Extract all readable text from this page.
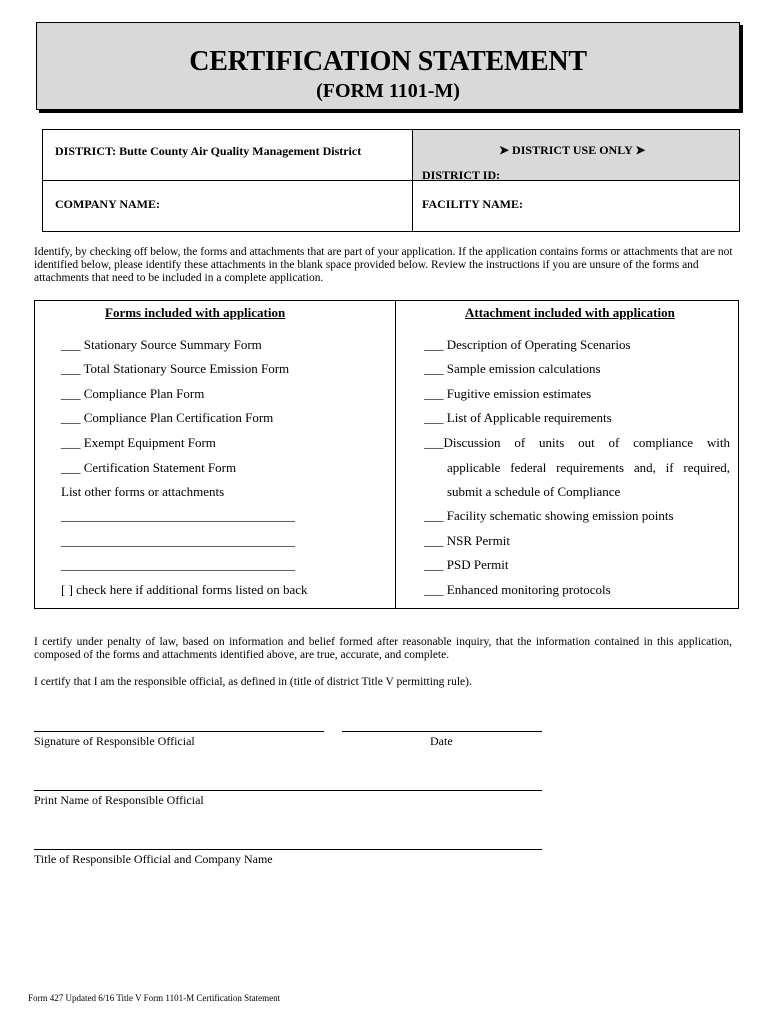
CERTIFICATION STATEMENT
(FORM 1101-M)
DISTRICT: Butte County Air Quality Management District	➤ DISTRICT USE ONLY ➤
DISTRICT ID:
COMPANY NAME:	FACILITY NAME:
Identify, by checking off below, the forms and attachments that are part of your application. If the application contains forms or attachments that are not identified below, please identify these attachments in the blank space provided below. Review the instructions if you are unsure of the forms and attachments that need to be included in a complete application.
Forms included with application
___ Stationary Source Summary Form
___ Total Stationary Source Emission Form
___ Compliance Plan Form
___ Compliance Plan Certification Form
___ Exempt Equipment Form
___ Certification Statement Form
List other forms or attachments
____________________________________
____________________________________
____________________________________
[ ] check here if additional forms listed on back
Attachment included with application
___ Description of Operating Scenarios
___ Sample emission calculations
___ Fugitive emission estimates
___ List of Applicable requirements
___Discussion of units out of compliance with
applicable federal requirements and, if required,
submit a schedule of Compliance
___ Facility schematic showing emission points
___ NSR Permit
___ PSD Permit
___ Enhanced monitoring protocols
I certify under penalty of law, based on information and belief formed after reasonable inquiry, that the information contained in this application, composed of the forms and attachments identified above, are true, accurate, and complete.
I certify that I am the responsible official, as defined in (title of district Title V permitting rule).
Signature of Responsible Official	Date
Print Name of Responsible Official
Title of Responsible Official and Company Name
Form 427 Updated 6/16 Title V Form 1101-M Certification Statement
